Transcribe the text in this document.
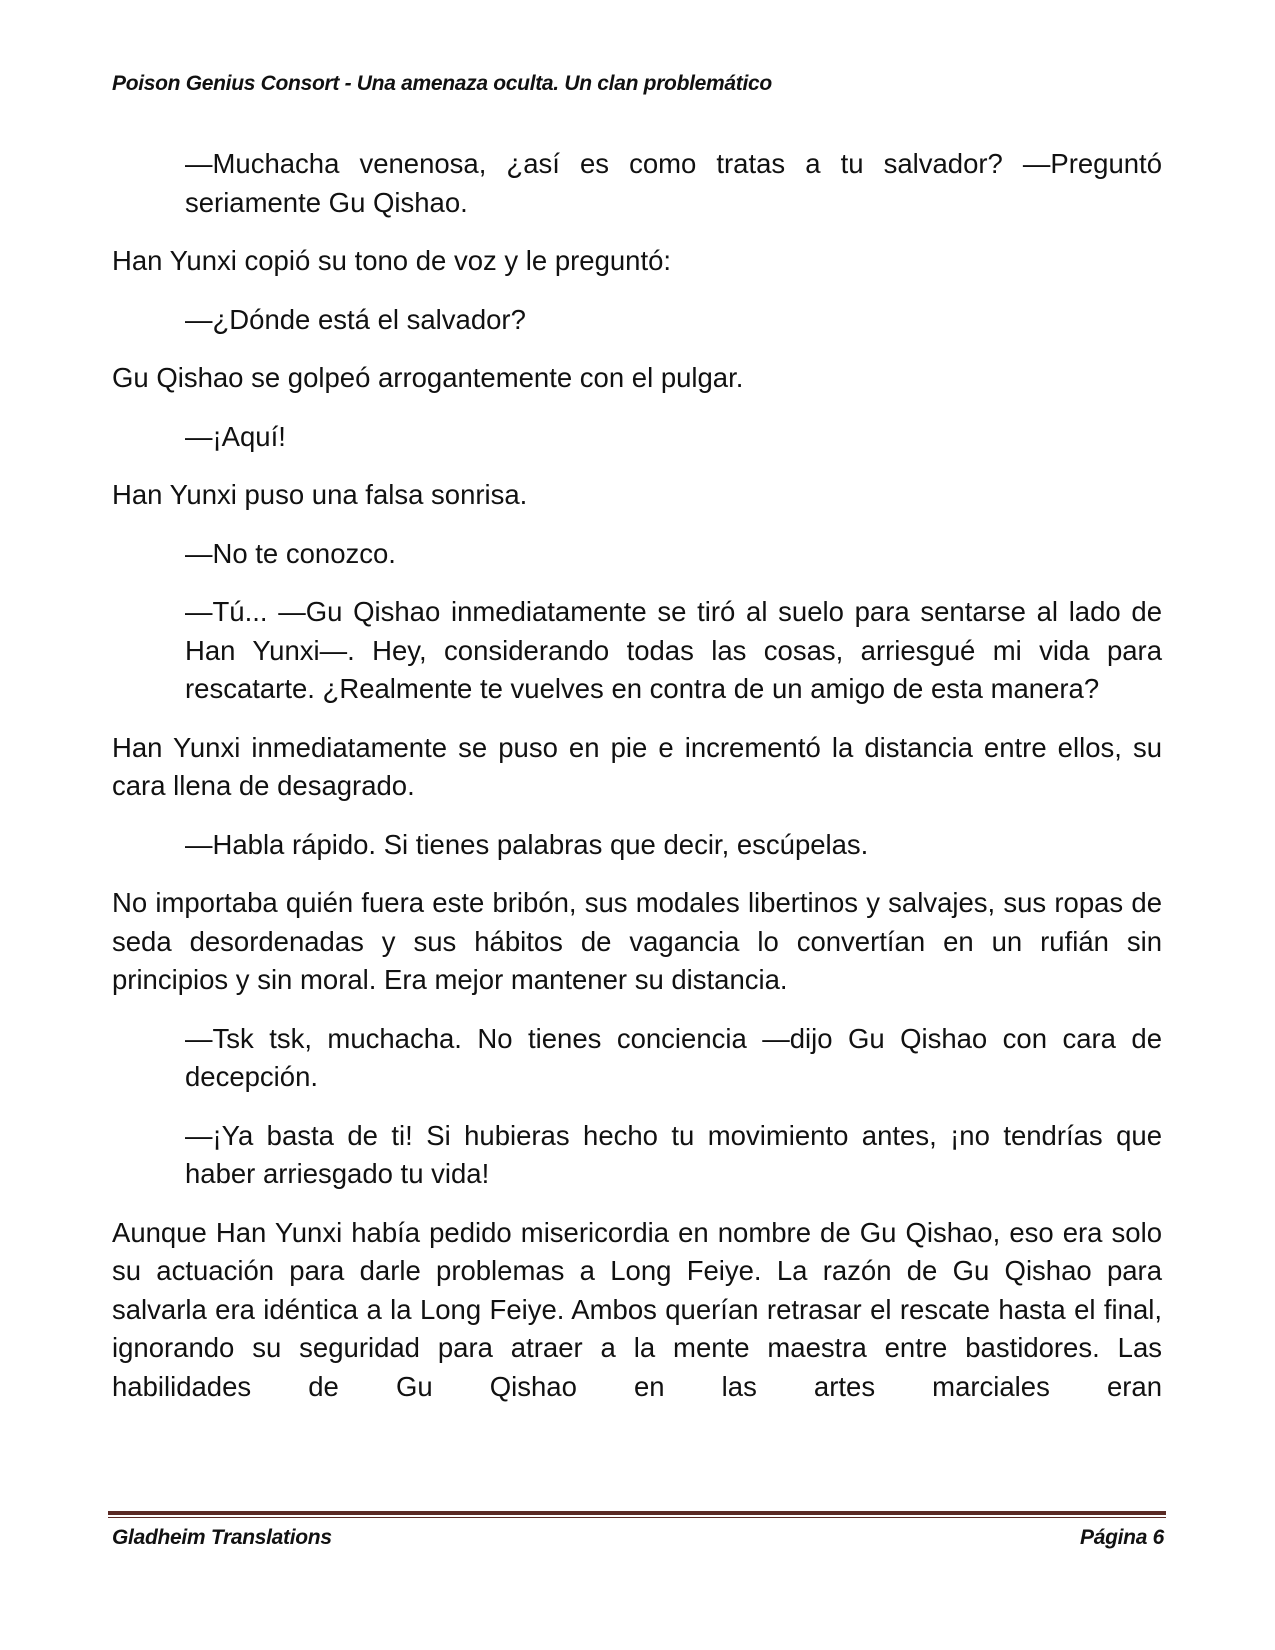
Poison Genius Consort - Una amenaza oculta. Un clan problemático

—Muchacha venenosa, ¿así es como tratas a tu salvador? —Preguntó seriamente Gu Qishao.

Han Yunxi copió su tono de voz y le preguntó:

—¿Dónde está el salvador?

Gu Qishao se golpeó arrogantemente con el pulgar.

—¡Aquí!

Han Yunxi puso una falsa sonrisa.

—No te conozco.

—Tú... —Gu Qishao inmediatamente se tiró al suelo para sentarse al lado de Han Yunxi—. Hey, considerando todas las cosas, arriesgué mi vida para rescatarte. ¿Realmente te vuelves en contra de un amigo de esta manera?

Han Yunxi inmediatamente se puso en pie e incrementó la distancia entre ellos, su cara llena de desagrado.

—Habla rápido. Si tienes palabras que decir, escúpelas.

No importaba quién fuera este bribón, sus modales libertinos y salvajes, sus ropas de seda desordenadas y sus hábitos de vagancia lo convertían en un rufián sin principios y sin moral. Era mejor mantener su distancia.

—Tsk tsk, muchacha. No tienes conciencia —dijo Gu Qishao con cara de decepción.

—¡Ya basta de ti! Si hubieras hecho tu movimiento antes, ¡no tendrías que haber arriesgado tu vida!

Aunque Han Yunxi había pedido misericordia en nombre de Gu Qishao, eso era solo su actuación para darle problemas a Long Feiye. La razón de Gu Qishao para salvarla era idéntica a la Long Feiye. Ambos querían retrasar el rescate hasta el final, ignorando su seguridad para atraer a la mente maestra entre bastidores. Las habilidades de Gu Qishao en las artes marciales eran

Gladheim Translations	Página 6
